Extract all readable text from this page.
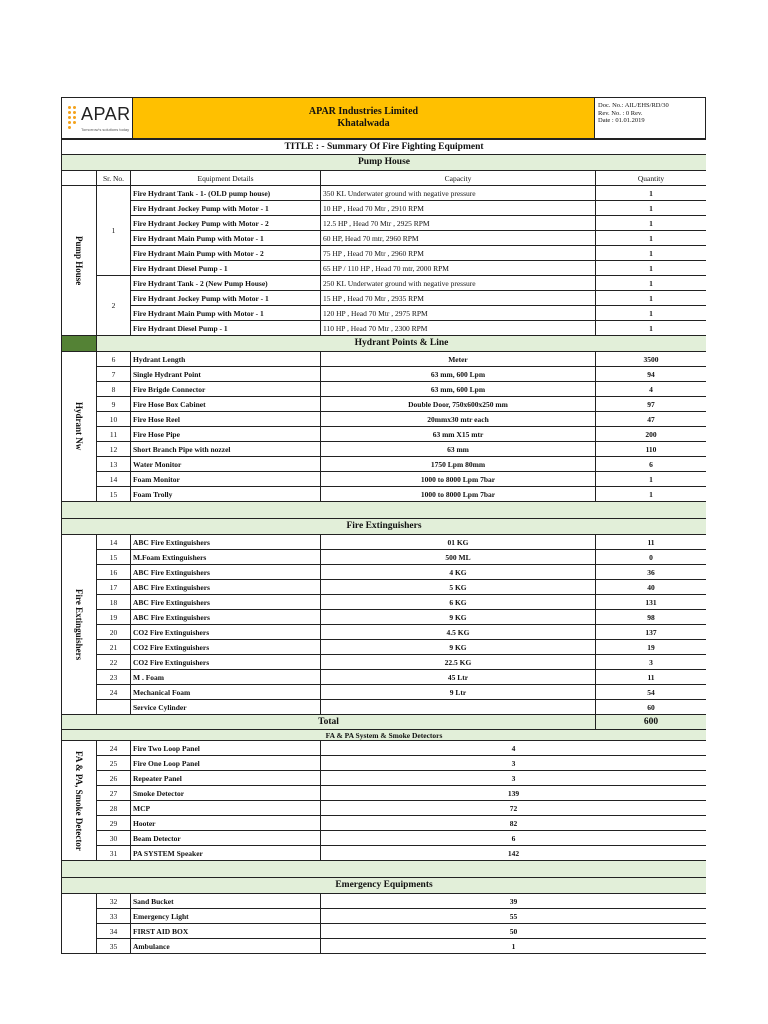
APAR
Tomorrow's solutions today
APAR Industries Limited
Khatalwada
Doc. No.: AIL/EHS/RD/30
Rev. No. : 0 Rev.
Date : 01.01.2019
TITLE : - Summary Of Fire Fighting Equipment				
Pump House				
	Sr. No.	Equipment Details	Capacity	Quantity

Pump House	1	Fire Hydrant Tank - 1- (OLD pump house)	350 KL Underwater ground with negative pressure	1
		Fire Hydrant Jockey Pump with Motor - 1	10 HP , Head 70 Mtr , 2910 RPM	1
		Fire Hydrant Jockey Pump with Motor - 2	12.5 HP , Head 70 Mtr , 2925 RPM	1
		Fire Hydrant Main Pump with Motor - 1	60 HP, Head 70 mtr, 2960 RPM	1
		Fire Hydrant Main Pump with Motor - 2	75 HP , Head 70 Mtr , 2960 RPM	1
		Fire Hydrant Diesel Pump - 1	65 HP / 110 HP , Head 70 mtr, 2000 RPM	1
	2	Fire Hydrant Tank - 2 (New Pump House)	250 KL Underwater ground with negative pressure	1
		Fire Hydrant Jockey Pump with Motor - 1	15 HP , Head 70 Mtr , 2935 RPM	1
		Fire Hydrant Main Pump with Motor - 1	120 HP , Head 70 Mtr , 2975 RPM	1
		Fire Hydrant Diesel Pump - 1	110 HP , Head 70 Mtr , 2300 RPM	1
	Hydrant Points & Line			

Hydrant Nw	6	Hydrant Length	Meter	3500
	7	Single Hydrant Point	63 mm, 600 Lpm	94
	8	Fire Brigde Connector	63 mm, 600 Lpm	4
	9	Fire Hose Box Cabinet	Double Door, 750x600x250 mm	97
	10	Fire Hose Reel	20mmx30 mtr each	47
	11	Fire Hose Pipe	63 mm X15 mtr	200
	12	Short Branch Pipe with nozzel	63 mm	110
	13	Water Monitor	1750 Lpm 80mm	6
	14	Foam Monitor	1000 to 8000 Lpm 7bar	1
	15	Foam Trolly	1000 to 8000 Lpm 7bar	1

Fire Extinguishers				

Fire Extinguishers	14	ABC Fire Extinguishers	01 KG	11
	15	M.Foam Extinguishers	500 ML	0
	16	ABC Fire Extinguishers	4 KG	36
	17	ABC Fire Extinguishers	5 KG	40
	18	ABC Fire Extinguishers	6 KG	131
	19	ABC Fire Extinguishers	9 KG	98
	20	CO2 Fire Extinguishers	4.5 KG	137
	21	CO2 Fire Extinguishers	9 KG	19
	22	CO2 Fire Extinguishers	22.5 KG	3
	23	M . Foam	45 Ltr	11
	24	Mechanical Foam	9 Ltr	54
		Service Cylinder		60
Total				600
FA & PA System & Smoke Detectors				

FA & PA, Smoke Detector	24	Fire Two Loop Panel	4	
	25	Fire One Loop Panel	3	
	26	Repeater Panel	3	
	27	Smoke Detector	139	
	28	MCP	72	
	29	Hooter	82	
	30	Beam Detector	6	
	31	PA SYSTEM Speaker	142	

Emergency Equipments				
	32	Sand Bucket	39	
	33	Emergency Light	55	
	34	FIRST AID BOX	50	
	35	Ambulance	1	
